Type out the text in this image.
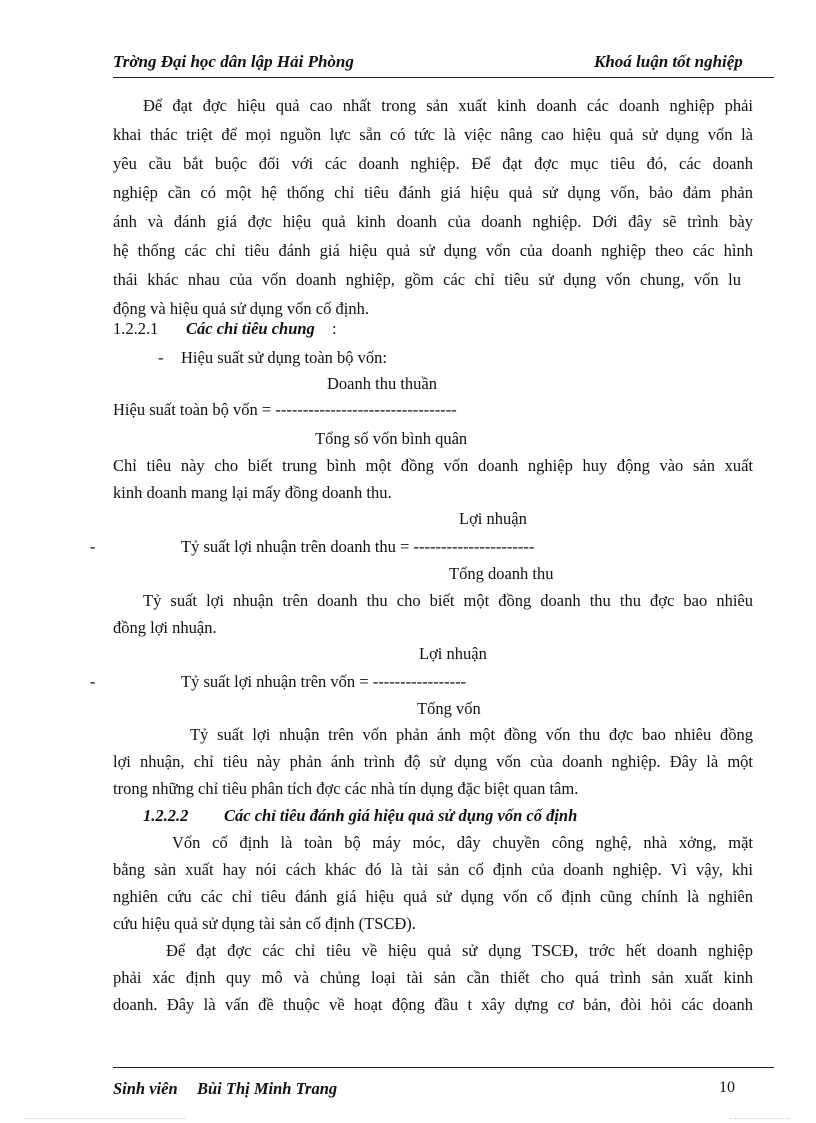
Trờng Đại học dân lập Hải Phòng	Khoá luận tốt nghiệp
Để đạt đợc hiệu quả cao nhất trong sản xuất kinh doanh các doanh nghiệp phải
khai thác triệt để mọi nguồn lực sẵn có tức là việc nâng cao hiệu quả sử dụng vốn là
yêu cầu bắt buộc đối với các doanh nghiệp. Để đạt đợc mục tiêu đó, các doanh
nghiệp cần có một hệ thống chỉ tiêu đánh giá hiệu quả sử dụng vốn, bảo đảm phản
ánh và đánh giá đợc hiệu quả kinh doanh của doanh nghiệp. Dới đây sẽ trình bày
hệ thống các chỉ tiêu đánh giá hiệu quả sử dụng vốn của doanh nghiệp theo các hình
thái khác nhau của vốn doanh nghiệp, gồm các chỉ tiêu sử dụng vốn chung, vốn lu
động và hiệu quả sử dụng vốn cố định.
1.2.2.1 Các chỉ tiêu chung :
- Hiệu suất sử dụng toàn bộ vốn:
Doanh thu thuần
Hiệu suất toàn bộ vốn = ---------------------------------
Tổng số vốn bình quân
Chỉ tiêu này cho biết trung bình một đồng vốn doanh nghiệp huy động vào sản xuất
kinh doanh mang lại mấy đồng doanh thu.
Lợi nhuận
-	Tỷ suất lợi nhuận trên doanh thu = ----------------------
Tổng doanh thu
Tỷ suất lợi nhuận trên doanh thu cho biết một đồng doanh thu thu đợc bao nhiêu
đồng lợi nhuận.
Lợi nhuận
-	Tỷ suất lợi nhuận trên vốn = -----------------
Tổng vốn
Tỷ suất lợi nhuận trên vốn phản ánh một đồng vốn thu đợc bao nhiêu đồng
lợi nhuận, chỉ tiêu này phản ánh trình độ sử dụng vốn của doanh nghiệp. Đây là một
trong những chỉ tiêu phân tích đợc các nhà tín dụng đặc biệt quan tâm.
1.2.2.2 Các chỉ tiêu đánh giá hiệu quả sử dụng vốn cố định
Vốn cố định là toàn bộ máy móc, dây chuyền công nghệ, nhà xởng, mặt
bằng sản xuất hay nói cách khác đó là tài sản cố định của doanh nghiệp. Vì vậy, khi
nghiên cứu các chỉ tiêu đánh giá hiệu quả sử dụng vốn cố định cũng chính là nghiên
cứu hiệu quả sử dụng tài sản cố định (TSCĐ).
Để đạt đợc các chỉ tiêu về hiệu quả sử dụng TSCĐ, trớc hết doanh nghiệp
phải xác định quy mô và chủng loại tài sản cần thiết cho quá trình sản xuất kinh
doanh. Đây là vấn đề thuộc về hoạt động đầu t xây dựng cơ bản, đòi hỏi các doanh
Sinh viên Bùi Thị Minh Trang	10
